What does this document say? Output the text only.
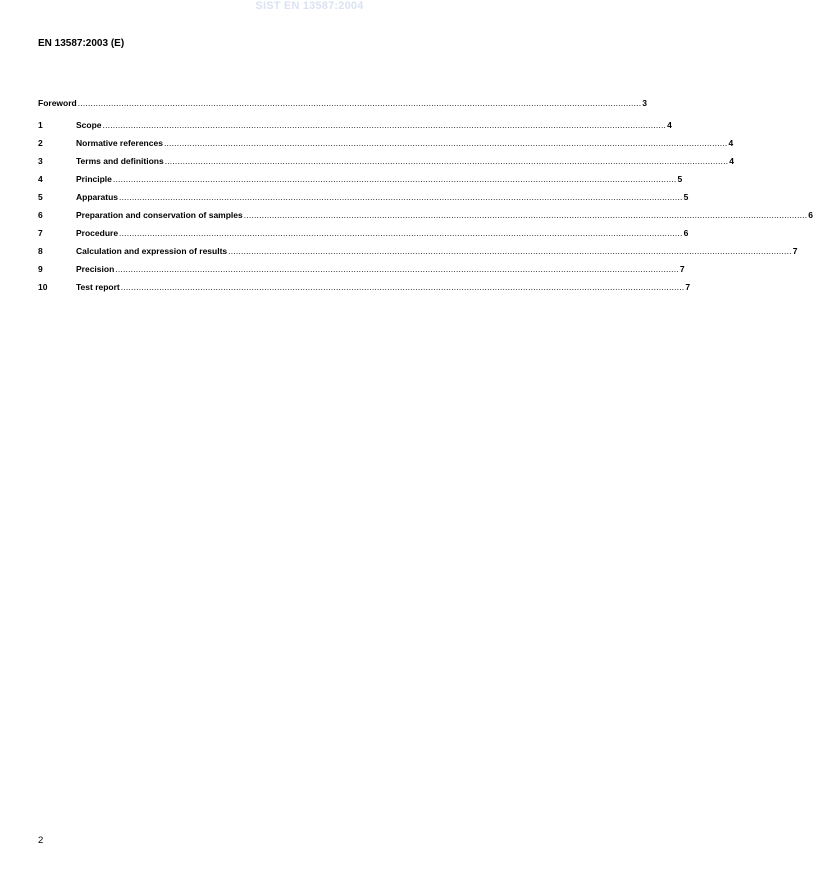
SIST EN 13587:2004
EN 13587:2003 (E)
Foreword ............................................................................................................................................................................................................................ 3
1	Scope ............................................................................................................................................................................................................................ 4
2	Normative references ............................................................................................................................................................................................................................ 4
3	Terms and definitions ............................................................................................................................................................................................................................ 4
4	Principle ............................................................................................................................................................................................................................ 5
5	Apparatus ............................................................................................................................................................................................................................ 5
6	Preparation and conservation of samples ............................................................................................................................................................................................................................ 6
7	Procedure ............................................................................................................................................................................................................................ 6
8	Calculation and expression of results ............................................................................................................................................................................................................................ 7
9	Precision ............................................................................................................................................................................................................................ 7
10	Test report ............................................................................................................................................................................................................................ 7
2
